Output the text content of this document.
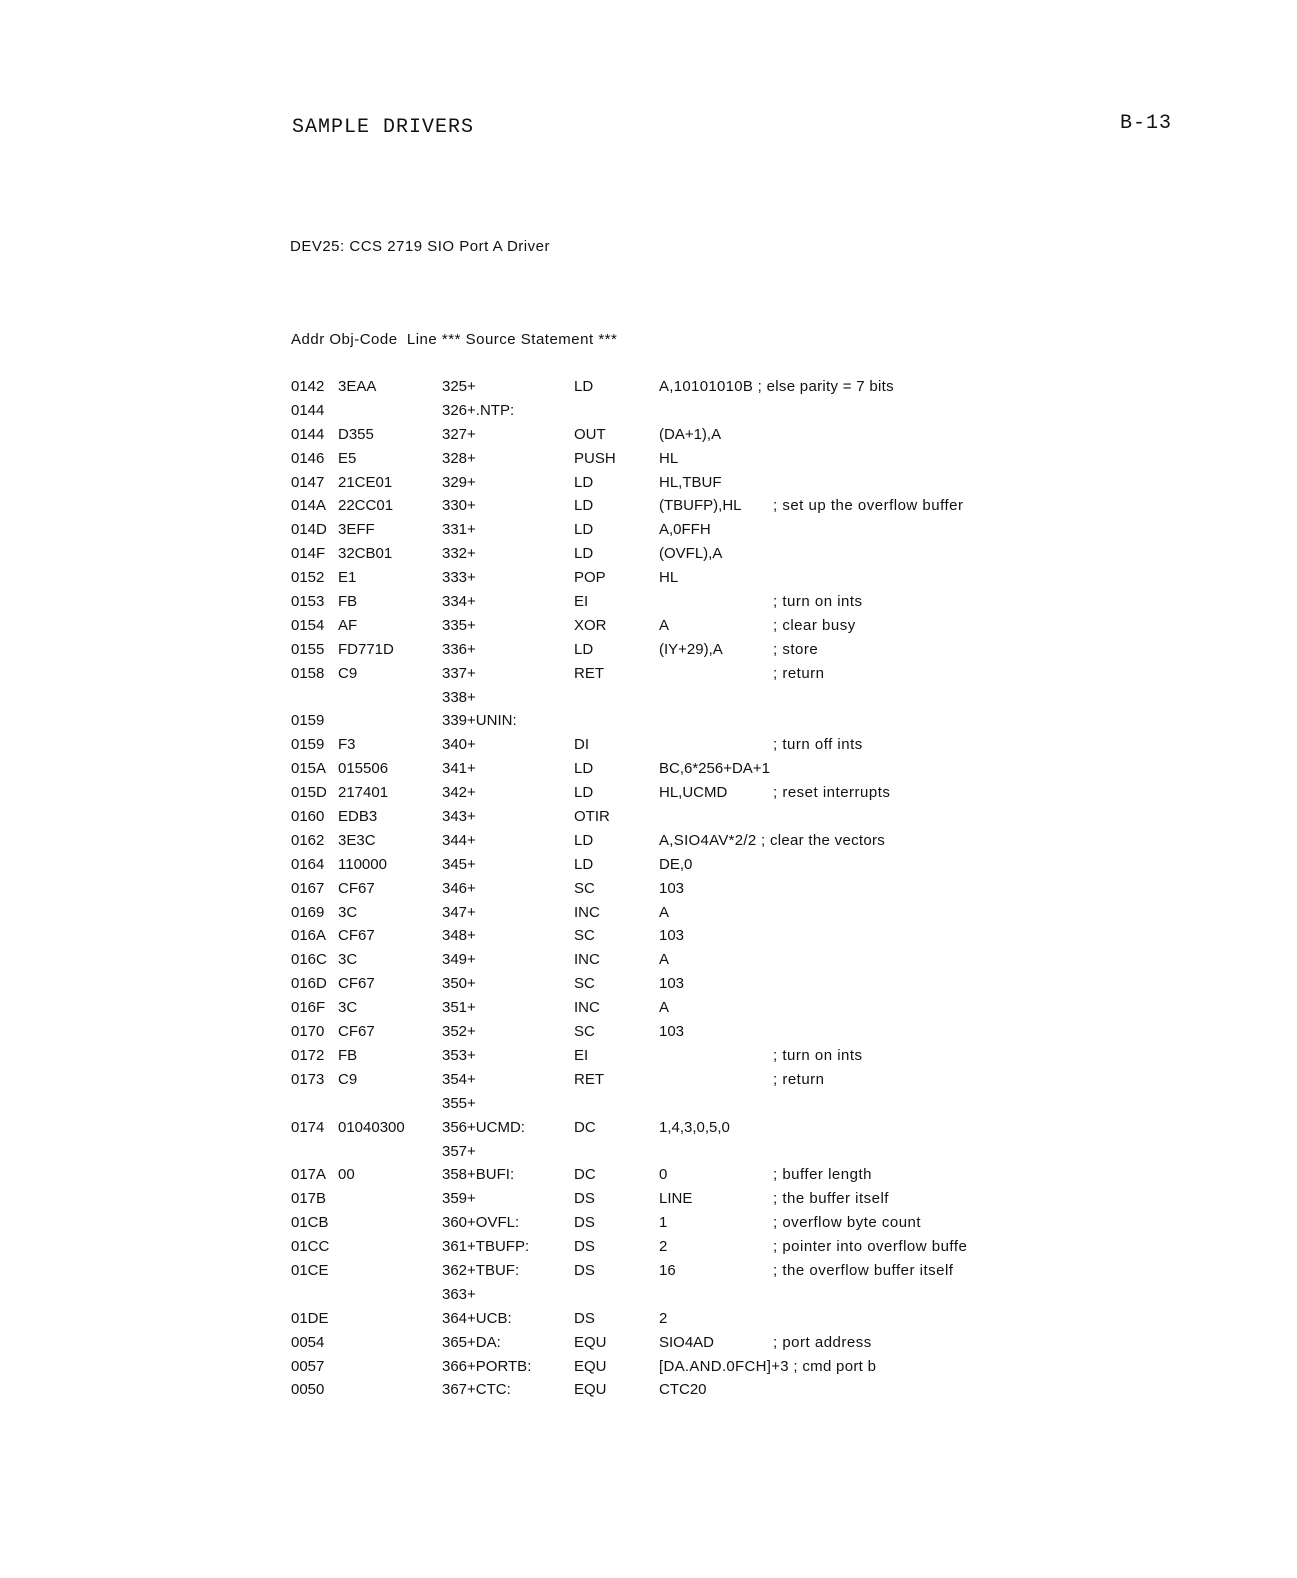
SAMPLE DRIVERS	B-13
DEV25: CCS 2719 SIO Port A Driver
Addr Obj-Code  Line *** Source Statement ***
0142 3EAA	325+	LD	A,10101010B ; else parity = 7 bits
0144	326+.NTP:
0144 D355	327+	OUT	(DA+1),A
0146 E5	328+	PUSH	HL
0147 21CE01	329+	LD	HL,TBUF
014A 22CC01	330+	LD	(TBUFP),HL ; set up the overflow buffer
014D 3EFF	331+	LD	A,0FFH
014F 32CB01	332+	LD	(OVFL),A
0152 E1	333+	POP	HL
0153 FB	334+	EI	; turn on ints
0154 AF	335+	XOR	A	; clear busy
0155 FD771D	336+	LD	(IY+29),A	; store
0158 C9	337+	RET	; return
338+
0159	339+UNIN:
0159 F3	340+	DI	; turn off ints
015A 015506	341+	LD	BC,6*256+DA+1
015D 217401	342+	LD	HL,UCMD	; reset interrupts
0160 EDB3	343+	OTIR
0162 3E3C	344+	LD	A,SIO4AV*2/2 ; clear the vectors
0164 110000	345+	LD	DE,0
0167 CF67	346+	SC	103
0169 3C	347+	INC	A
016A CF67	348+	SC	103
016C 3C	349+	INC	A
016D CF67	350+	SC	103
016F 3C	351+	INC	A
0170 CF67	352+	SC	103
0172 FB	353+	EI	; turn on ints
0173 C9	354+	RET	; return
355+
0174 01040300 356+UCMD:	DC	1,4,3,0,5,0
357+
017A 00	358+BUFI:	DC	0	; buffer length
017B	359+	DS	LINE	; the buffer itself
01CB	360+OVFL:	DS	1	; overflow byte count
01CC	361+TBUFP:	DS	2	; pointer into overflow buffe
01CE	362+TBUF:	DS	16	; the overflow buffer itself
363+
01DE	364+UCB:	DS	2
0054	365+DA:	EQU	SIO4AD	; port address
0057	366+PORTB:	EQU	[DA.AND.0FCH]+3 ; cmd port b
0050	367+CTC:	EQU	CTC20
